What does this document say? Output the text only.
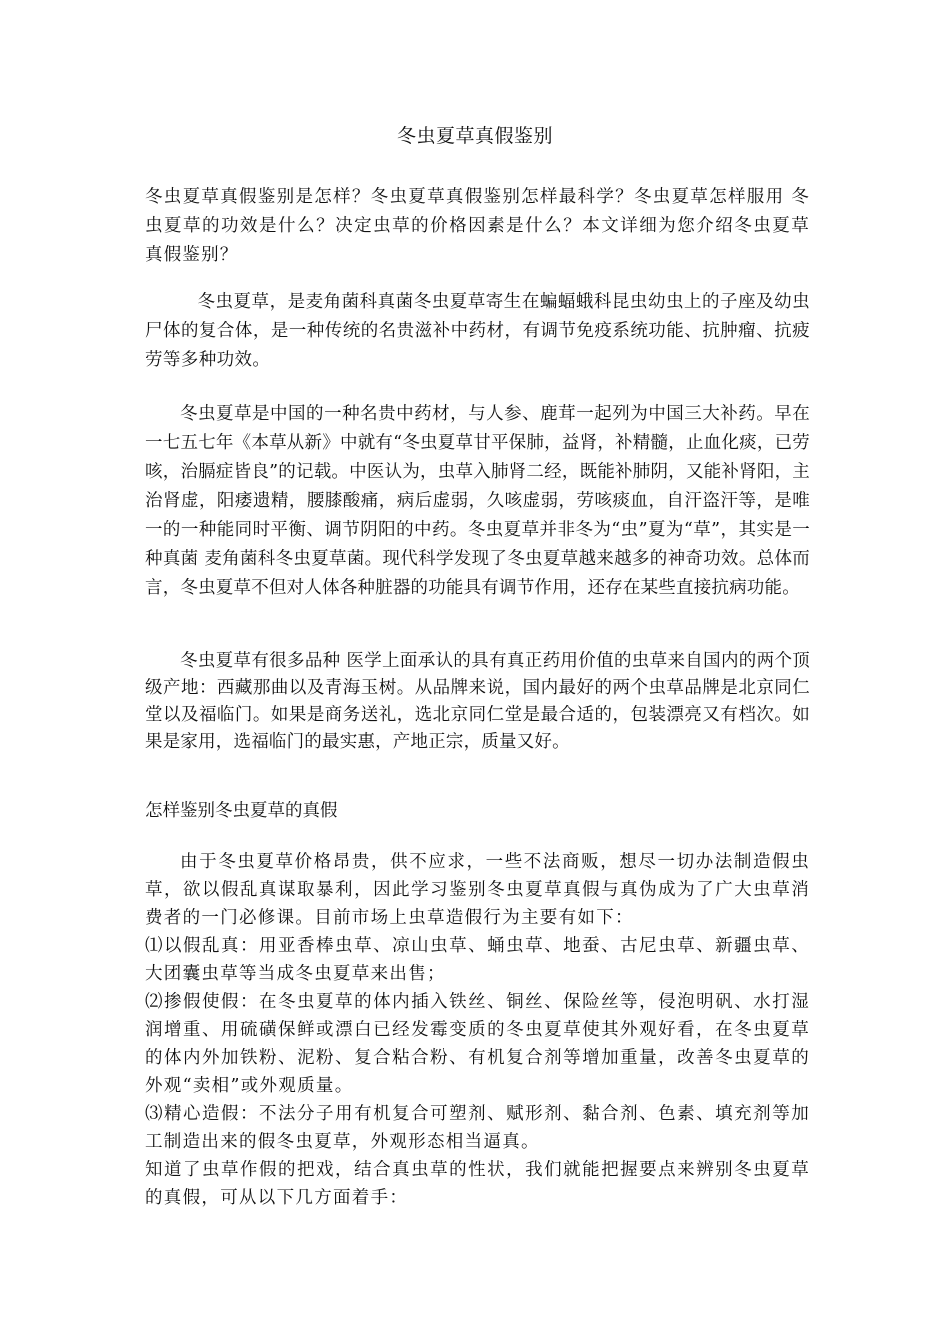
冬虫夏草真假鉴别

冬虫夏草真假鉴别是怎样？冬虫夏草真假鉴别怎样最科学？冬虫夏草怎样服用 冬虫夏草的功效是什么？决定虫草的价格因素是什么？本文详细为您介绍冬虫夏草真假鉴别？

冬虫夏草，是麦角菌科真菌冬虫夏草寄生在蝙蝠蛾科昆虫幼虫上的子座及幼虫尸体的复合体，是一种传统的名贵滋补中药材，有调节免疫系统功能、抗肿瘤、抗疲劳等多种功效。

冬虫夏草是中国的一种名贵中药材，与人参、鹿茸一起列为中国三大补药。早在一七五七年《本草从新》中就有“冬虫夏草甘平保肺，益肾，补精髓，止血化痰，已劳咳，治膈症皆良”的记载。中医认为，虫草入肺肾二经，既能补肺阴，又能补肾阳，主治肾虚，阳痿遗精，腰膝酸痛，病后虚弱，久咳虚弱，劳咳痰血，自汗盗汗等，是唯一的一种能同时平衡、调节阴阳的中药。冬虫夏草并非冬为“虫”夏为“草”，其实是一种真菌 麦角菌科冬虫夏草菌。现代科学发现了冬虫夏草越来越多的神奇功效。总体而言，冬虫夏草不但对人体各种脏器的功能具有调节作用，还存在某些直接抗病功能。

冬虫夏草有很多品种 医学上面承认的具有真正药用价值的虫草来自国内的两个顶级产地：西藏那曲以及青海玉树。从品牌来说，国内最好的两个虫草品牌是北京同仁堂以及福临门。如果是商务送礼，选北京同仁堂是最合适的，包装漂亮又有档次。如果是家用，选福临门的最实惠，产地正宗，质量又好。

怎样鉴别冬虫夏草的真假
由于冬虫夏草价格昂贵，供不应求，一些不法商贩，想尽一切办法制造假虫草，欲以假乱真谋取暴利，因此学习鉴别冬虫夏草真假与真伪成为了广大虫草消费者的一门必修课。目前市场上虫草造假行为主要有如下：
⑴以假乱真：用亚香棒虫草、凉山虫草、蛹虫草、地蚕、古尼虫草、新疆虫草、大团囊虫草等当成冬虫夏草来出售；
⑵掺假使假：在冬虫夏草的体内插入铁丝、铜丝、保险丝等，侵泡明矾、水打湿润增重、用硫磺保鲜或漂白已经发霉变质的冬虫夏草使其外观好看，在冬虫夏草的体内外加铁粉、泥粉、复合粘合粉、有机复合剂等增加重量，改善冬虫夏草的外观“卖相”或外观质量。
⑶精心造假：不法分子用有机复合可塑剂、赋形剂、黏合剂、色素、填充剂等加工制造出来的假冬虫夏草，外观形态相当逼真。
知道了虫草作假的把戏，结合真虫草的性状，我们就能把握要点来辨别冬虫夏草的真假，可从以下几方面着手：
